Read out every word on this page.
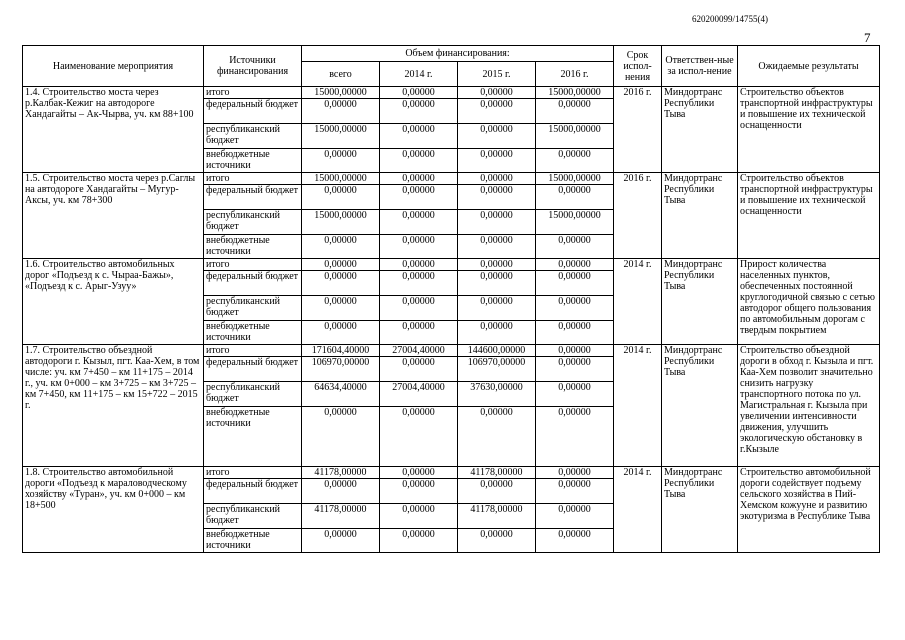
620200099/14755(4)
7
Наименование мероприятия	Источники финансирования	Объем финансирования:				Срок испол-нения	Ответствен-ные за испол-нение	Ожидаемые результаты
		всего	2014 г.	2015 г.	2016 г.			
1.4. Строительство моста через р.Калбак-Кежиг на автодороге Хандагайты – Ак-Чырва, уч. км 88+100	итого	15000,00000	0,00000	0,00000	15000,00000	2016 г.	Миндортранс Республики Тыва	Строительство объектов транспортной инфраструктуры и повышение их технической оснащенности
	федеральный бюджет	0,00000	0,00000	0,00000	0,00000			
	республиканский бюджет	15000,00000	0,00000	0,00000	15000,00000			
	внебюджетные источники	0,00000	0,00000	0,00000	0,00000			
1.5. Строительство моста через р.Саглы на автодороге Хандагайты – Мугур-Аксы, уч. км 78+300	итого	15000,00000	0,00000	0,00000	15000,00000	2016 г.	Миндортранс Республики Тыва	Строительство объектов транспортной инфраструктуры и повышение их технической оснащенности
	федеральный бюджет	0,00000	0,00000	0,00000	0,00000			
	республиканский бюджет	15000,00000	0,00000	0,00000	15000,00000			
	внебюджетные источники	0,00000	0,00000	0,00000	0,00000			
1.6. Строительство автомобильных дорог «Подъезд к с. Чыраа-Бажы», «Подъезд к с. Арыг-Узуу»	итого	0,00000	0,00000	0,00000	0,00000	2014 г.	Миндортранс Республики Тыва	Прирост количества населенных пунктов, обеспеченных постоянной круглогодичной связью с сетью автодорог общего пользования по автомобильным дорогам с твердым покрытием
	федеральный бюджет	0,00000	0,00000	0,00000	0,00000			
	республиканский бюджет	0,00000	0,00000	0,00000	0,00000			
	внебюджетные источники	0,00000	0,00000	0,00000	0,00000			
1.7. Строительство объездной автодороги г. Кызыл, пгт. Каа-Хем, в том числе: уч. км 7+450 – км 11+175 – 2014 г., уч. км 0+000 – км 3+725 – км 3+725 – км 7+450, км 11+175 – км 15+722 – 2015 г.	итого	171604,40000	27004,40000	144600,00000	0,00000	2014 г.	Миндортранс Республики Тыва	Строительство объездной дороги в обход г. Кызыла и пгт. Каа-Хем позволит значительно снизить нагрузку транспортного потока по ул. Магистральная г. Кызыла при увеличении интенсивности движения, улучшить экологическую обстановку в г.Кызыле
	федеральный бюджет	106970,00000	0,00000	106970,00000	0,00000			
	республиканский бюджет	64634,40000	27004,40000	37630,00000	0,00000			
	внебюджетные источники	0,00000	0,00000	0,00000	0,00000			
1.8. Строительство автомобильной дороги «Подъезд к мараловодческому хозяйству «Туран», уч. км 0+000 – км 18+500	итого	41178,00000	0,00000	41178,00000	0,00000	2014 г.	Миндортранс Республики Тыва	Строительство автомобильной дороги содействует подъему сельского хозяйства в Пий-Хемском кожууне и развитию экотуризма в Республике Тыва
	федеральный бюджет	0,00000	0,00000	0,00000	0,00000			
	республиканский бюджет	41178,00000	0,00000	41178,00000	0,00000			
	внебюджетные источники	0,00000	0,00000	0,00000	0,00000			
